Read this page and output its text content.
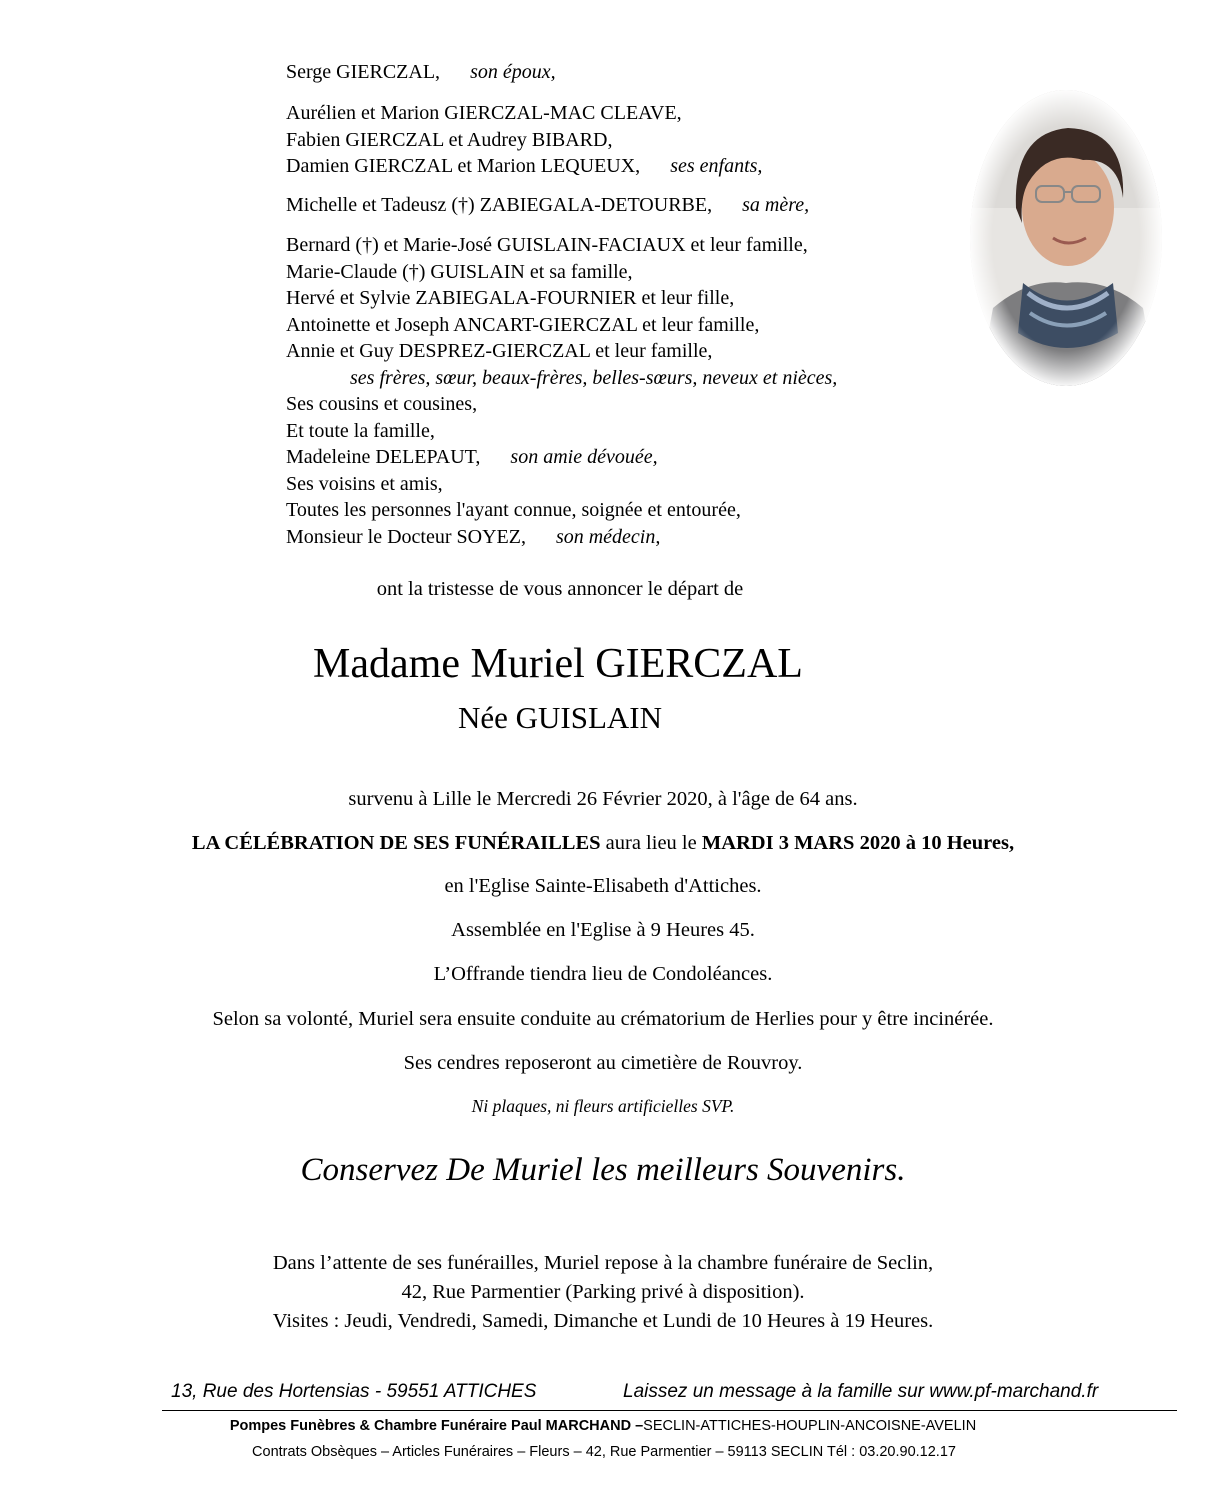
Serge GIERCZAL, son époux,
Aurélien et Marion GIERCZAL-MAC CLEAVE,
Fabien GIERCZAL et Audrey BIBARD,
Damien GIERCZAL et Marion LEQUEUX, ses enfants,
Michelle et Tadeusz (†) ZABIEGALA-DETOURBE, sa mère,
Bernard (†) et Marie-José GUISLAIN-FACIAUX et leur famille,
Marie-Claude (†) GUISLAIN et sa famille,
Hervé et Sylvie ZABIEGALA-FOURNIER et leur fille,
Antoinette et Joseph ANCART-GIERCZAL et leur famille,
Annie et Guy DESPREZ-GIERCZAL et leur famille,
ses frères, sœur, beaux-frères, belles-sœurs, neveux et nièces,
Ses cousins et cousines,
Et toute la famille,
Madeleine DELEPAUT, son amie dévouée,
Ses voisins et amis,
Toutes les personnes l'ayant connue, soignée et entourée,
Monsieur le Docteur SOYEZ, son médecin,
ont la tristesse de vous annoncer le départ de
Madame Muriel GIERCZAL
Née GUISLAIN
survenu à Lille le Mercredi 26 Février 2020, à l'âge de 64 ans.
LA CÉLÉBRATION DE SES FUNÉRAILLES aura lieu le MARDI 3 MARS 2020 à 10 Heures,
en l'Eglise Sainte-Elisabeth d'Attiches.
Assemblée en l'Eglise à 9 Heures 45.
L’Offrande tiendra lieu de Condoléances.
Selon sa volonté, Muriel sera ensuite conduite au crématorium de Herlies pour y être incinérée.
Ses cendres reposeront au cimetière de Rouvroy.
Ni plaques, ni fleurs artificielles SVP.
Conservez De Muriel les meilleurs Souvenirs.
Dans l’attente de ses funérailles, Muriel repose à la chambre funéraire de Seclin,
42, Rue Parmentier (Parking privé à disposition).
Visites : Jeudi, Vendredi, Samedi, Dimanche et Lundi de 10 Heures à 19 Heures.
13, Rue des Hortensias - 59551 ATTICHES	Laissez un message à la famille sur www.pf-marchand.fr
Pompes Funèbres & Chambre Funéraire Paul MARCHAND –SECLIN-ATTICHES-HOUPLIN-ANCOISNE-AVELIN
Contrats Obsèques – Articles Funéraires – Fleurs – 42, Rue Parmentier – 59113 SECLIN Tél : 03.20.90.12.17
